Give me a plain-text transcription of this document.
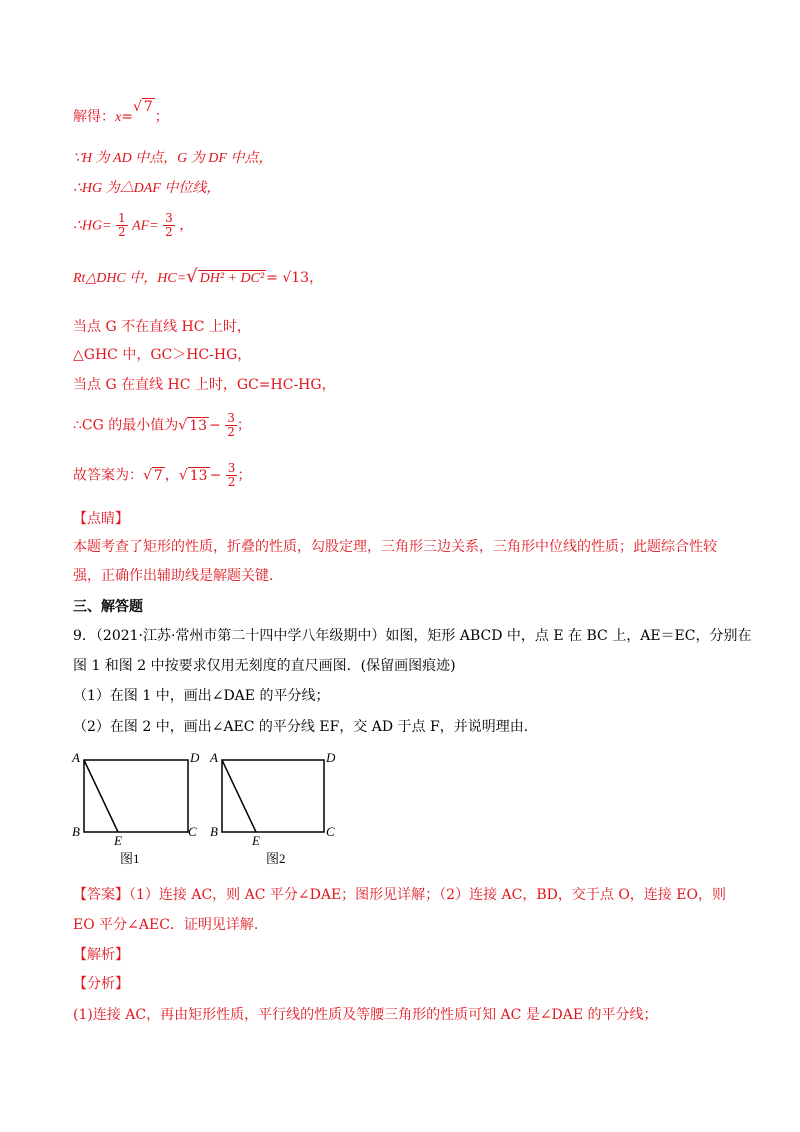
解得：x=√ 7；
∵H 为 AD 中点，G 为 DF 中点，
∴HG 为△DAF 中位线，
∴HG= $\frac{1}{2} AF= \frac{3}{2}$ ，
Rt△DHC 中，HC=√ DH² + DC² = √13，
当点 G 不在直线 HC 上时，
△GHC 中，GC＞HC-HG，
当点 G 在直线 HC 上时，GC=HC-HG，
∴CG 的最小值为√ $13 - \frac{3}{2}$ ；
故答案为：√ 7 ，√ $13 - \frac{3}{2}$ ；
【点睛】
本题考查了矩形的性质，折叠的性质，勾股定理，三角形三边关系，三角形中位线的性质；此题综合性较
强，正确作出辅助线是解题关键.
三、解答题
9．（2021·江苏·常州市第二十四中学八年级期中）如图，矩形 ABCD 中，点 E 在 BC 上，AE＝EC，分别在
图 1 和图 2 中按要求仅用无刻度的直尺画图．(保留画图痕迹)
（1）在图 1 中，画出∠DAE 的平分线；
（2）在图 2 中，画出∠AEC 的平分线 EF，交 AD 于点 F，并说明理由.
A	D
B	C
E
图1
A	D
B	C
E
图2
【答案】（1）连接 AC，则 AC 平分∠DAE；图形见详解；（2）连接 AC，BD，交于点 O，连接 EO，则
EO 平分∠AEC．证明见详解.
【解析】
【分析】
(1)连接 AC，再由矩形性质，平行线的性质及等腰三角形的性质可知 AC 是∠DAE 的平分线；
